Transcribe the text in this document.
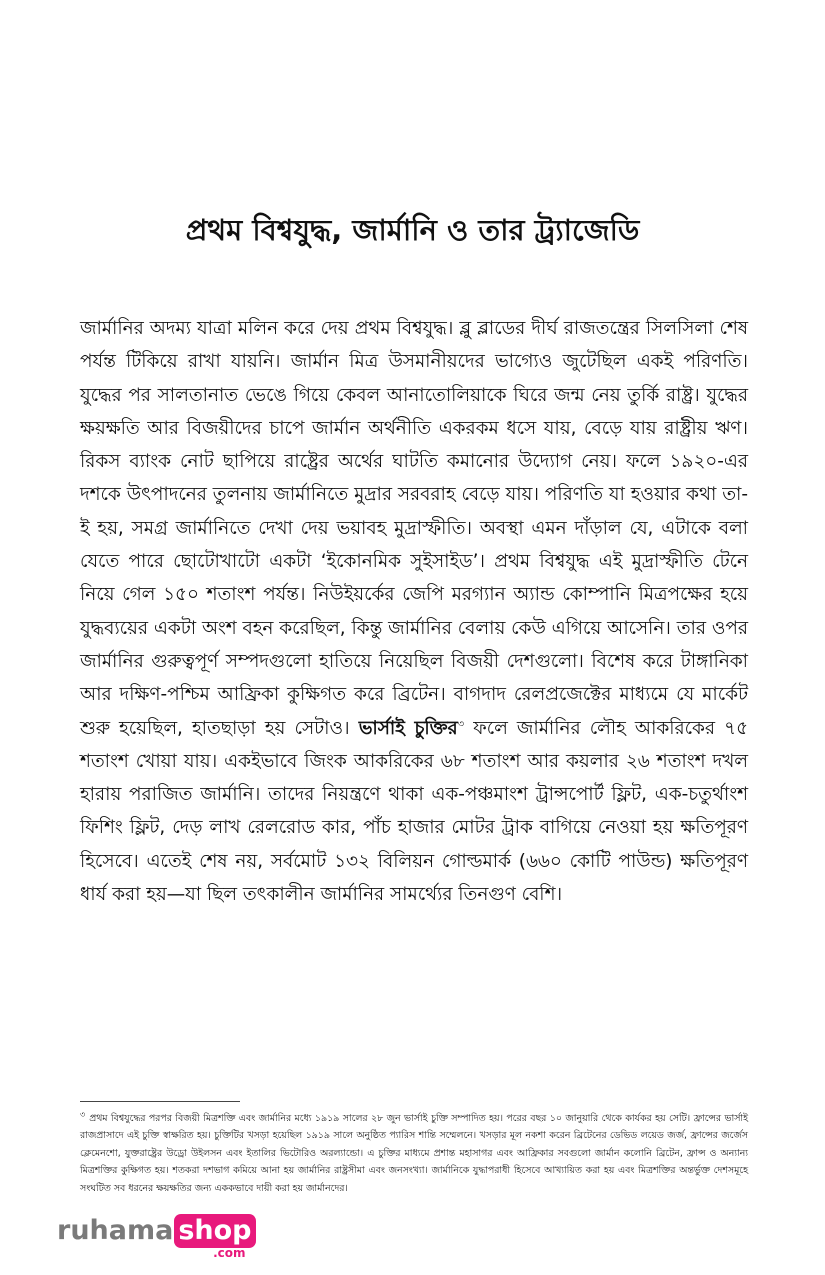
প্রথম বিশ্বযুদ্ধ, জার্মানি ও তার ট্র্যাজেডি

জার্মানির অদম্য যাত্রা মলিন করে দেয় প্রথম বিশ্বযুদ্ধ। ব্লু ব্লাডের দীর্ঘ রাজতন্ত্রের সিলসিলা শেষ পর্যন্ত টিকিয়ে রাখা যায়নি। জার্মান মিত্র উসমানীয়দের ভাগ্যেও জুটেছিল একই পরিণতি। যুদ্ধের পর সালতানাত ভেঙে গিয়ে কেবল আনাতোলিয়াকে ঘিরে জন্ম নেয় তুর্কি রাষ্ট্র। যুদ্ধের ক্ষয়ক্ষতি আর বিজয়ীদের চাপে জার্মান অর্থনীতি একরকম ধসে যায়, বেড়ে যায় রাষ্ট্রীয় ঋণ। রিকস ব্যাংক নোট ছাপিয়ে রাষ্ট্রের অর্থের ঘাটতি কমানোর উদ্যোগ নেয়। ফলে ১৯২০-এর দশকে উৎপাদনের তুলনায় জার্মানিতে মুদ্রার সরবরাহ বেড়ে যায়। পরিণতি যা হওয়ার কথা তা-ই হয়, সমগ্র জার্মানিতে দেখা দেয় ভয়াবহ মুদ্রাস্ফীতি। অবস্থা এমন দাঁড়াল যে, এটাকে বলা যেতে পারে ছোটোখাটো একটা ‘ইকোনমিক সুইসাইড’। প্রথম বিশ্বযুদ্ধ এই মুদ্রাস্ফীতি টেনে নিয়ে গেল ১৫০ শতাংশ পর্যন্ত। নিউইয়র্কের জেপি মরগ্যান অ্যান্ড কোম্পানি মিত্রপক্ষের হয়ে যুদ্ধব্যয়ের একটা অংশ বহন করেছিল, কিন্তু জার্মানির বেলায় কেউ এগিয়ে আসেনি। তার ওপর জার্মানির গুরুত্বপূর্ণ সম্পদগুলো হাতিয়ে নিয়েছিল বিজয়ী দেশগুলো। বিশেষ করে টাঙ্গানিকা আর দক্ষিণ-পশ্চিম আফ্রিকা কুক্ষিগত করে ব্রিটেন। বাগদাদ রেলপ্রজেক্টের মাধ্যমে যে মার্কেট শুরু হয়েছিল, হাতছাড়া হয় সেটাও। ভার্সাই চুক্তির$^৩$ ফলে জার্মানির লৌহ আকরিকের ৭৫ শতাংশ খোয়া যায়। একইভাবে জিংক আকরিকের ৬৮ শতাংশ আর কয়লার ২৬ শতাংশ দখল হারায় পরাজিত জার্মানি। তাদের নিয়ন্ত্রণে থাকা এক-পঞ্চমাংশ ট্রান্সপোর্ট ফ্লিট, এক-চতুর্থাংশ ফিশিং ফ্লিট, দেড় লাখ রেলরোড কার, পাঁচ হাজার মোটর ট্রাক বাগিয়ে নেওয়া হয় ক্ষতিপূরণ হিসেবে। এতেই শেষ নয়, সর্বমোট ১৩২ বিলিয়ন গোল্ডমার্ক (৬৬০ কোটি পাউন্ড) ক্ষতিপূরণ ধার্য করা হয়—যা ছিল তৎকালীন জার্মানির সামর্থ্যের তিনগুণ বেশি।

৩ প্রথম বিশ্বযুদ্ধের পরপর বিজয়ী মিত্রশক্তি এবং জার্মানির মধ্যে ১৯১৯ সালের ২৮ জুন ভার্সাই চুক্তি সম্পাদিত হয়। পরের বছর ১০ জানুয়ারি থেকে কার্যকর হয় সেটি। ফ্রান্সের ভার্সাই রাজপ্রাসাদে এই চুক্তি স্বাক্ষরিত হয়। চুক্তিটির খসড়া হয়েছিল ১৯১৯ সালে অনুষ্ঠিত প্যারিস শান্তি সম্মেলনে। খসড়ার মূল নকশা করেন ব্রিটেনের ডেভিড লয়েড জর্জ, ফ্রান্সের জর্জেস ক্লেমেনশো, যুক্তরাষ্ট্রের উড্রো উইলসন এবং ইতালির ভিটোরিও অরল্যান্ডো। এ চুক্তির মাধ্যমে প্রশান্ত মহাসাগর এবং আফ্রিকার সবগুলো জার্মান কলোনি ব্রিটেন, ফ্রান্স ও অন্যান্য মিত্রশক্তির কুক্ষিগত হয়। শতকরা দশভাগ কমিয়ে আনা হয় জার্মানির রাষ্ট্রসীমা এবং জনসংখ্যা। জার্মানিকে যুদ্ধাপরাধী হিসেবে আখ্যায়িত করা হয় এবং মিত্রশক্তির অন্তর্ভুক্ত দেশসমূহে সংঘটিত সব ধরনের ক্ষয়ক্ষতির জন্য এককভাবে দায়ী করা হয় জার্মানদের।

ruhama shop
.com
